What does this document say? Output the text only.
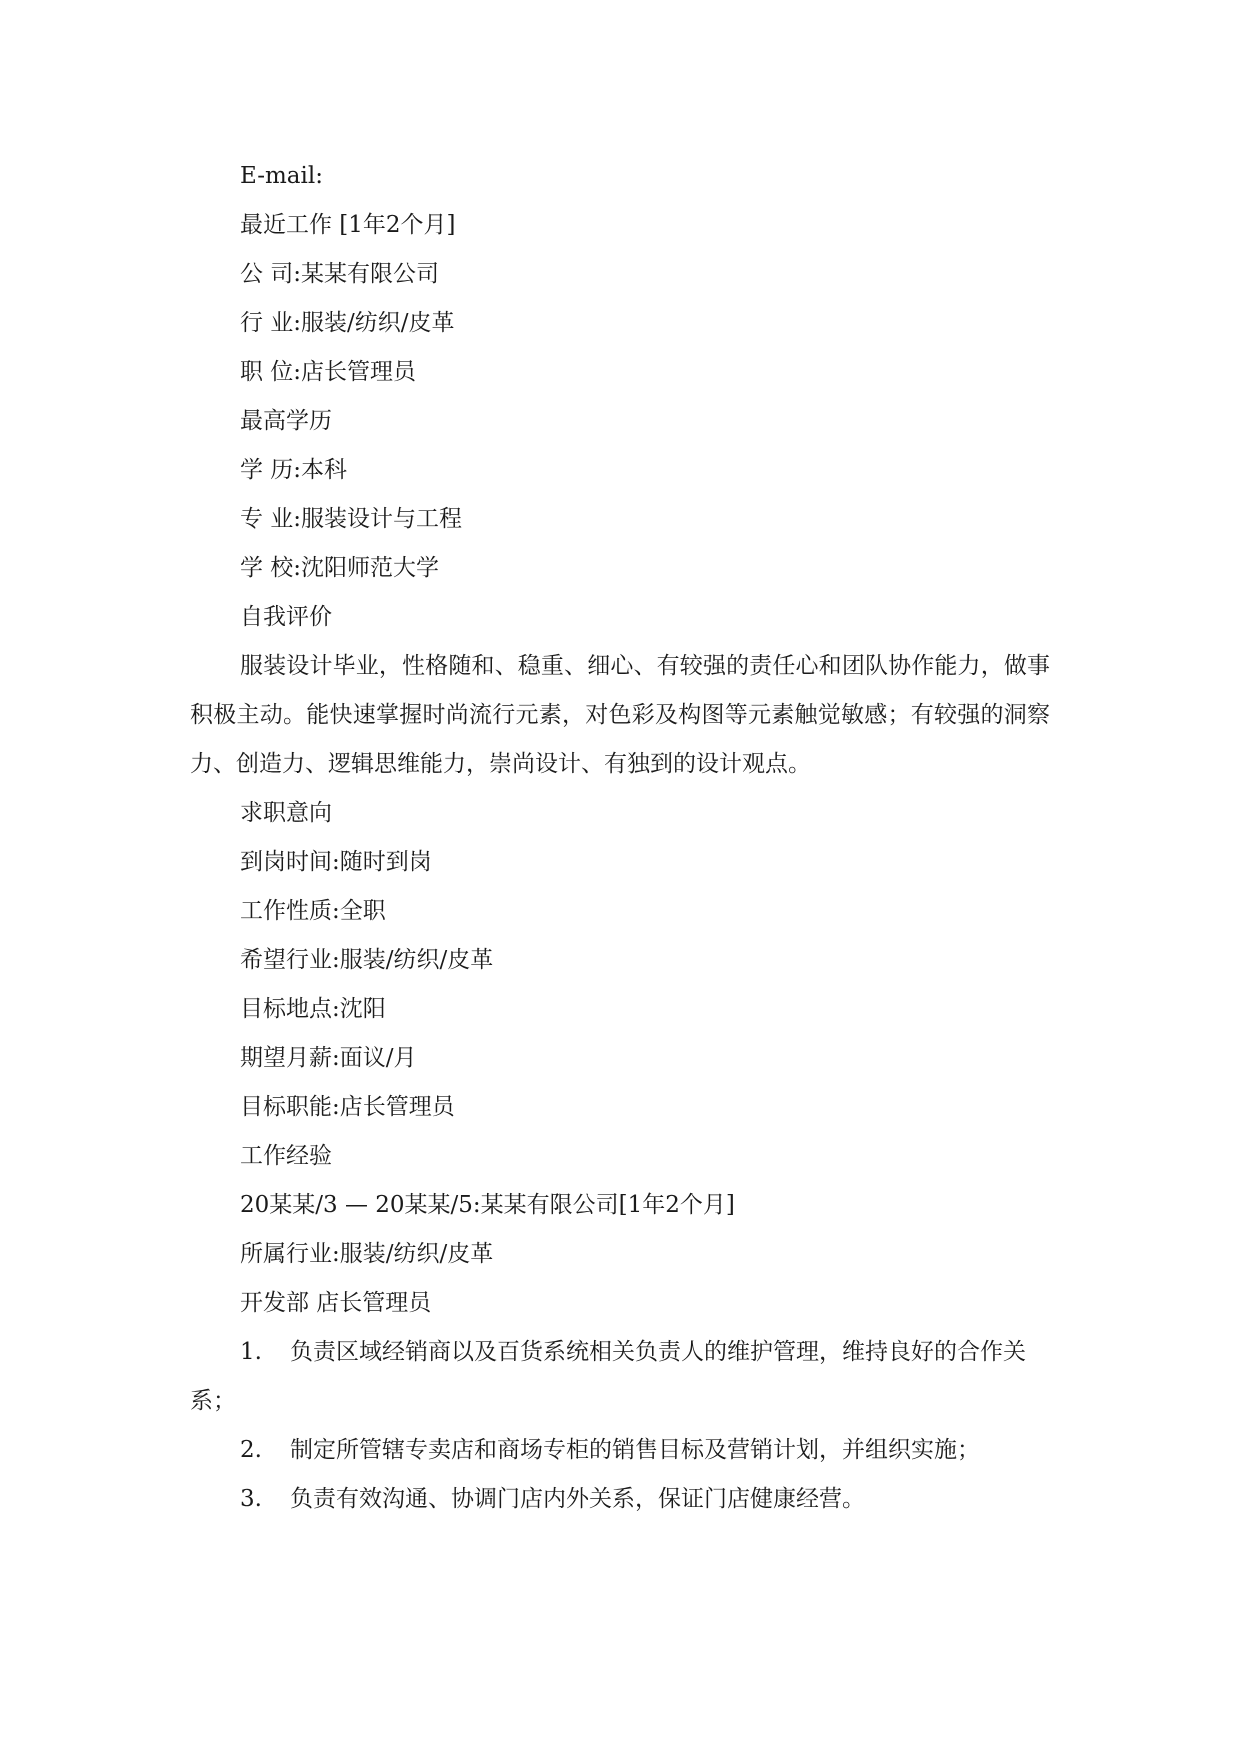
E-mail:
最近工作 [1年2个月]
公 司:某某有限公司
行 业:服装/纺织/皮革
职 位:店长管理员
最高学历
学 历:本科
专 业:服装设计与工程
学 校:沈阳师范大学
自我评价

服装设计毕业，性格随和、稳重、细心、有较强的责任心和团队协作能力，做事积极主动。能快速掌握时尚流行元素，对色彩及构图等元素触觉敏感；有较强的洞察力、创造力、逻辑思维能力，崇尚设计、有独到的设计观点。

求职意向
到岗时间:随时到岗
工作性质:全职
希望行业:服装/纺织/皮革
目标地点:沈阳
期望月薪:面议/月
目标职能:店长管理员
工作经验
20某某/3 — 20某某/5:某某有限公司[1年2个月]
所属行业:服装/纺织/皮革
开发部 店长管理员

1. 负责区域经销商以及百货系统相关负责人的维护管理，维持良好的合作关系；

2. 制定所管辖专卖店和商场专柜的销售目标及营销计划，并组织实施；

3. 负责有效沟通、协调门店内外关系，保证门店健康经营。
